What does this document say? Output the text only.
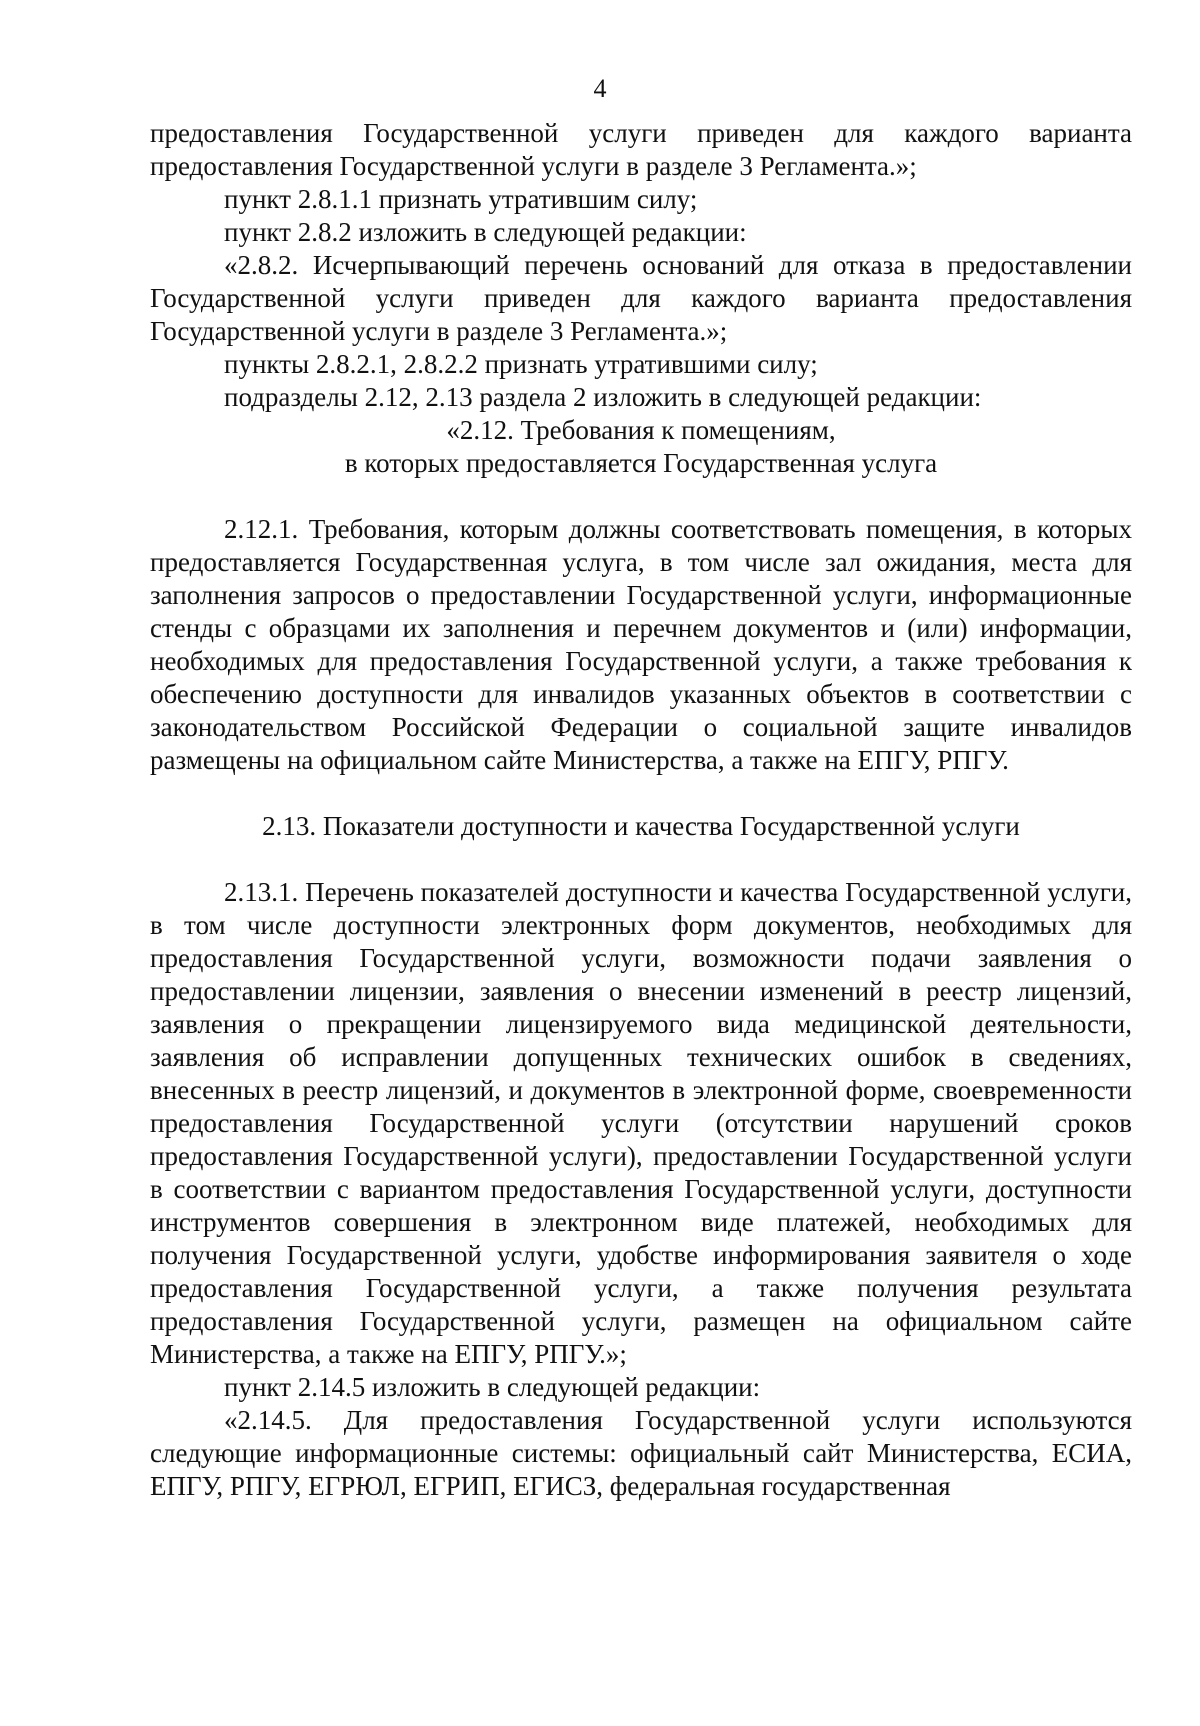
4

предоставления Государственной услуги приведен для каждого варианта предоставления Государственной услуги в разделе 3 Регламента.»;

пункт 2.8.1.1 признать утратившим силу;

пункт 2.8.2 изложить в следующей редакции:

«2.8.2. Исчерпывающий перечень оснований для отказа в предоставлении Государственной услуги приведен для каждого варианта предоставления Государственной услуги в разделе 3 Регламента.»;

пункты 2.8.2.1, 2.8.2.2 признать утратившими силу;

подразделы 2.12, 2.13 раздела 2 изложить в следующей редакции:

«2.12. Требования к помещениям,

в которых предоставляется Государственная услуга

2.12.1. Требования, которым должны соответствовать помещения, в которых предоставляется Государственная услуга, в том числе зал ожидания, места для заполнения запросов о предоставлении Государственной услуги, информационные стенды с образцами их заполнения и перечнем документов и (или) информации, необходимых для предоставления Государственной услуги, а также требования к обеспечению доступности для инвалидов указанных объектов в соответствии с законодательством Российской Федерации о социальной защите инвалидов размещены на официальном сайте Министерства, а также на ЕПГУ, РПГУ.

2.13. Показатели доступности и качества Государственной услуги

2.13.1. Перечень показателей доступности и качества Государственной услуги, в том числе доступности электронных форм документов, необходимых для предоставления Государственной услуги, возможности подачи заявления о предоставлении лицензии, заявления о внесении изменений в реестр лицензий, заявления о прекращении лицензируемого вида медицинской деятельности, заявления об исправлении допущенных технических ошибок в сведениях, внесенных в реестр лицензий, и документов в электронной форме, своевременности предоставления Государственной услуги (отсутствии нарушений сроков предоставления Государственной услуги), предоставлении Государственной услуги в соответствии с вариантом предоставления Государственной услуги, доступности инструментов совершения в электронном виде платежей, необходимых для получения Государственной услуги, удобстве информирования заявителя о ходе предоставления Государственной услуги, а также получения результата предоставления Государственной услуги, размещен на официальном сайте Министерства, а также на ЕПГУ, РПГУ.»;

пункт 2.14.5 изложить в следующей редакции:

«2.14.5. Для предоставления Государственной услуги используются следующие информационные системы: официальный сайт Министерства, ЕСИА, ЕПГУ, РПГУ, ЕГРЮЛ, ЕГРИП, ЕГИСЗ, федеральная государственная
